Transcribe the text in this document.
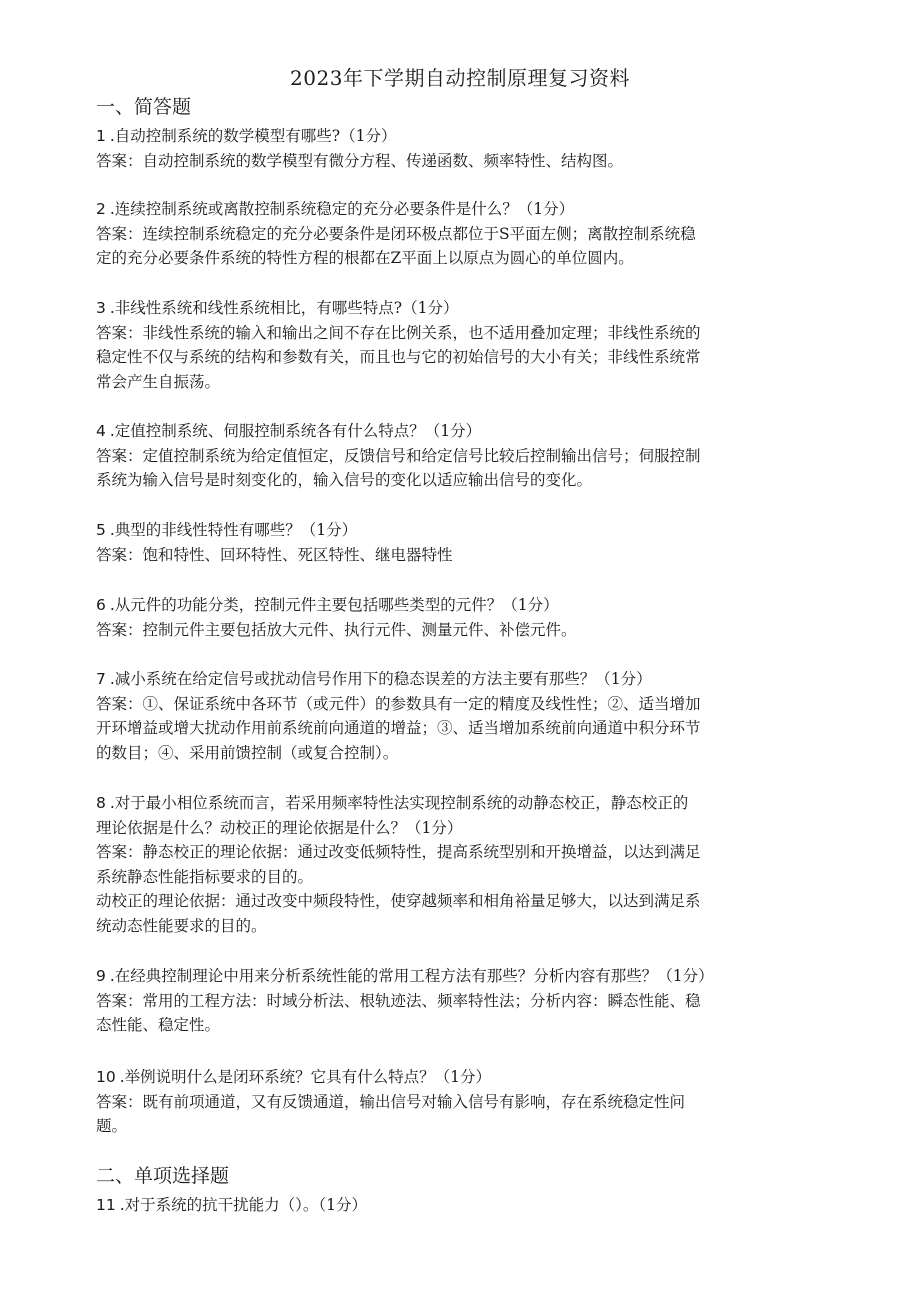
2023年下学期自动控制原理复习资料
一、简答题
1 .自动控制系统的数学模型有哪些?（1分）

答案：自动控制系统的数学模型有微分方程、传递函数、频率特性、结构图。

2 .连续控制系统或离散控制系统稳定的充分必要条件是什么？（1分）

答案：连续控制系统稳定的充分必要条件是闭环极点都位于S平面左侧；离散控制系统稳

定的充分必要条件系统的特性方程的根都在Z平面上以原点为圆心的单位圆内。

3 .非线性系统和线性系统相比，有哪些特点?（1分）

答案：非线性系统的输入和输出之间不存在比例关系，也不适用叠加定理；非线性系统的

稳定性不仅与系统的结构和参数有关，而且也与它的初始信号的大小有关；非线性系统常

常会产生自振荡。

4 .定值控制系统、伺服控制系统各有什么特点？（1分）

答案：定值控制系统为给定值恒定，反馈信号和给定信号比较后控制输出信号；伺服控制

系统为输入信号是时刻变化的，输入信号的变化以适应输出信号的变化。

5 .典型的非线性特性有哪些？（1分）

答案：饱和特性、回环特性、死区特性、继电器特性

6 .从元件的功能分类，控制元件主要包括哪些类型的元件？（1分）

答案：控制元件主要包括放大元件、执行元件、测量元件、补偿元件。

7 .减小系统在给定信号或扰动信号作用下的稳态误差的方法主要有那些？（1分）

答案：①、保证系统中各环节（或元件）的参数具有一定的精度及线性性；②、适当增加

开环增益或增大扰动作用前系统前向通道的增益；③、适当增加系统前向通道中积分环节

的数目；④、采用前馈控制（或复合控制）。

8 .对于最小相位系统而言，若采用频率特性法实现控制系统的动静态校正，静态校正的
理论依据是什么？动校正的理论依据是什么？（1分）

答案：静态校正的理论依据：通过改变低频特性，提高系统型别和开换增益，以达到满足

系统静态性能指标要求的目的。

动校正的理论依据：通过改变中频段特性，使穿越频率和相角裕量足够大，以达到满足系

统动态性能要求的目的。

9 .在经典控制理论中用来分析系统性能的常用工程方法有那些？分析内容有那些？（1分）

答案：常用的工程方法：时域分析法、根轨迹法、频率特性法；分析内容：瞬态性能、稳

态性能、稳定性。

10 .举例说明什么是闭环系统？它具有什么特点？（1分）

答案：既有前项通道，又有反馈通道，输出信号对输入信号有影响，存在系统稳定性问

题。

二、单项选择题
11 .对于系统的抗干扰能力（）。（1分）
